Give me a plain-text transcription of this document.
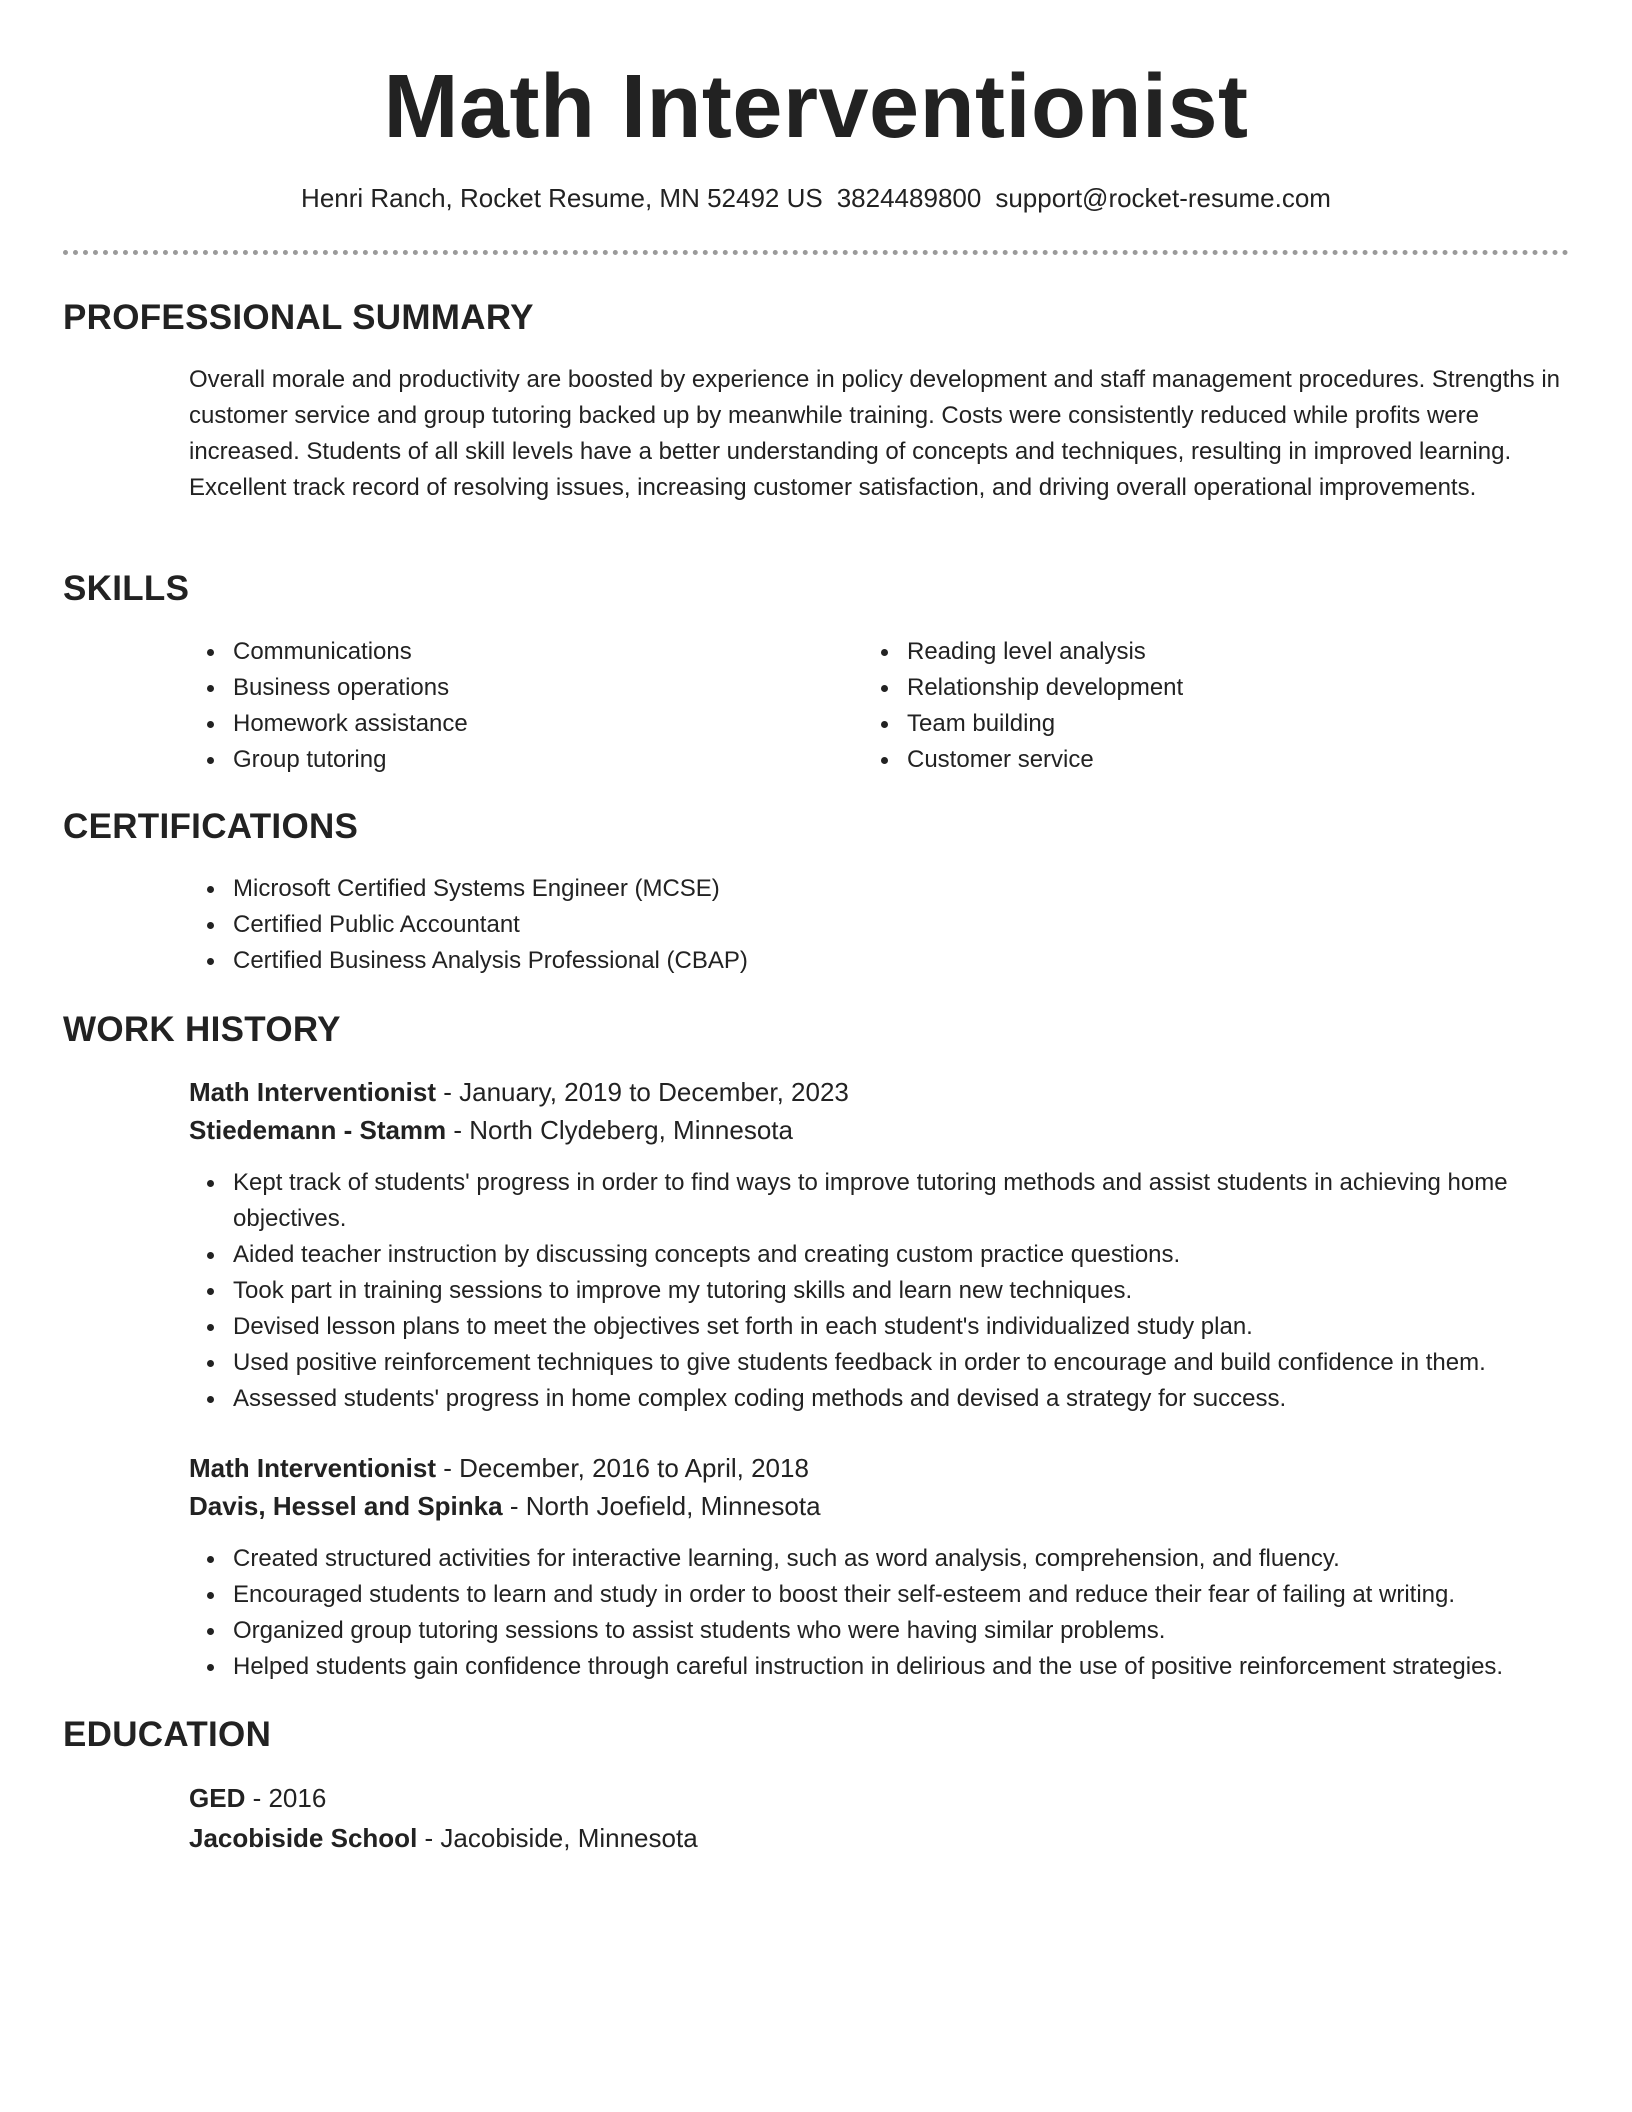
Math Interventionist
Henri Ranch, Rocket Resume, MN 52492 US 3824489800 support@rocket-resume.com
PROFESSIONAL SUMMARY

Overall morale and productivity are boosted by experience in policy development and staff management procedures. Strengths in customer service and group tutoring backed up by meanwhile training. Costs were consistently reduced while profits were increased. Students of all skill levels have a better understanding of concepts and techniques, resulting in improved learning. Excellent track record of resolving issues, increasing customer satisfaction, and driving overall operational improvements.

SKILLS
Communications
Business operations
Homework assistance
Group tutoring
Reading level analysis
Relationship development
Team building
Customer service
CERTIFICATIONS
Microsoft Certified Systems Engineer (MCSE)
Certified Public Accountant
Certified Business Analysis Professional (CBAP)
WORK HISTORY
Math Interventionist - January, 2019 to December, 2023
Stiedemann - Stamm - North Clydeberg, Minnesota
Kept track of students' progress in order to find ways to improve tutoring methods and assist students in achieving home objectives.
Aided teacher instruction by discussing concepts and creating custom practice questions.
Took part in training sessions to improve my tutoring skills and learn new techniques.
Devised lesson plans to meet the objectives set forth in each student's individualized study plan.
Used positive reinforcement techniques to give students feedback in order to encourage and build confidence in them.
Assessed students' progress in home complex coding methods and devised a strategy for success.
Math Interventionist - December, 2016 to April, 2018
Davis, Hessel and Spinka - North Joefield, Minnesota
Created structured activities for interactive learning, such as word analysis, comprehension, and fluency.
Encouraged students to learn and study in order to boost their self-esteem and reduce their fear of failing at writing.
Organized group tutoring sessions to assist students who were having similar problems.
Helped students gain confidence through careful instruction in delirious and the use of positive reinforcement strategies.
EDUCATION
GED - 2016
Jacobiside School - Jacobiside, Minnesota
